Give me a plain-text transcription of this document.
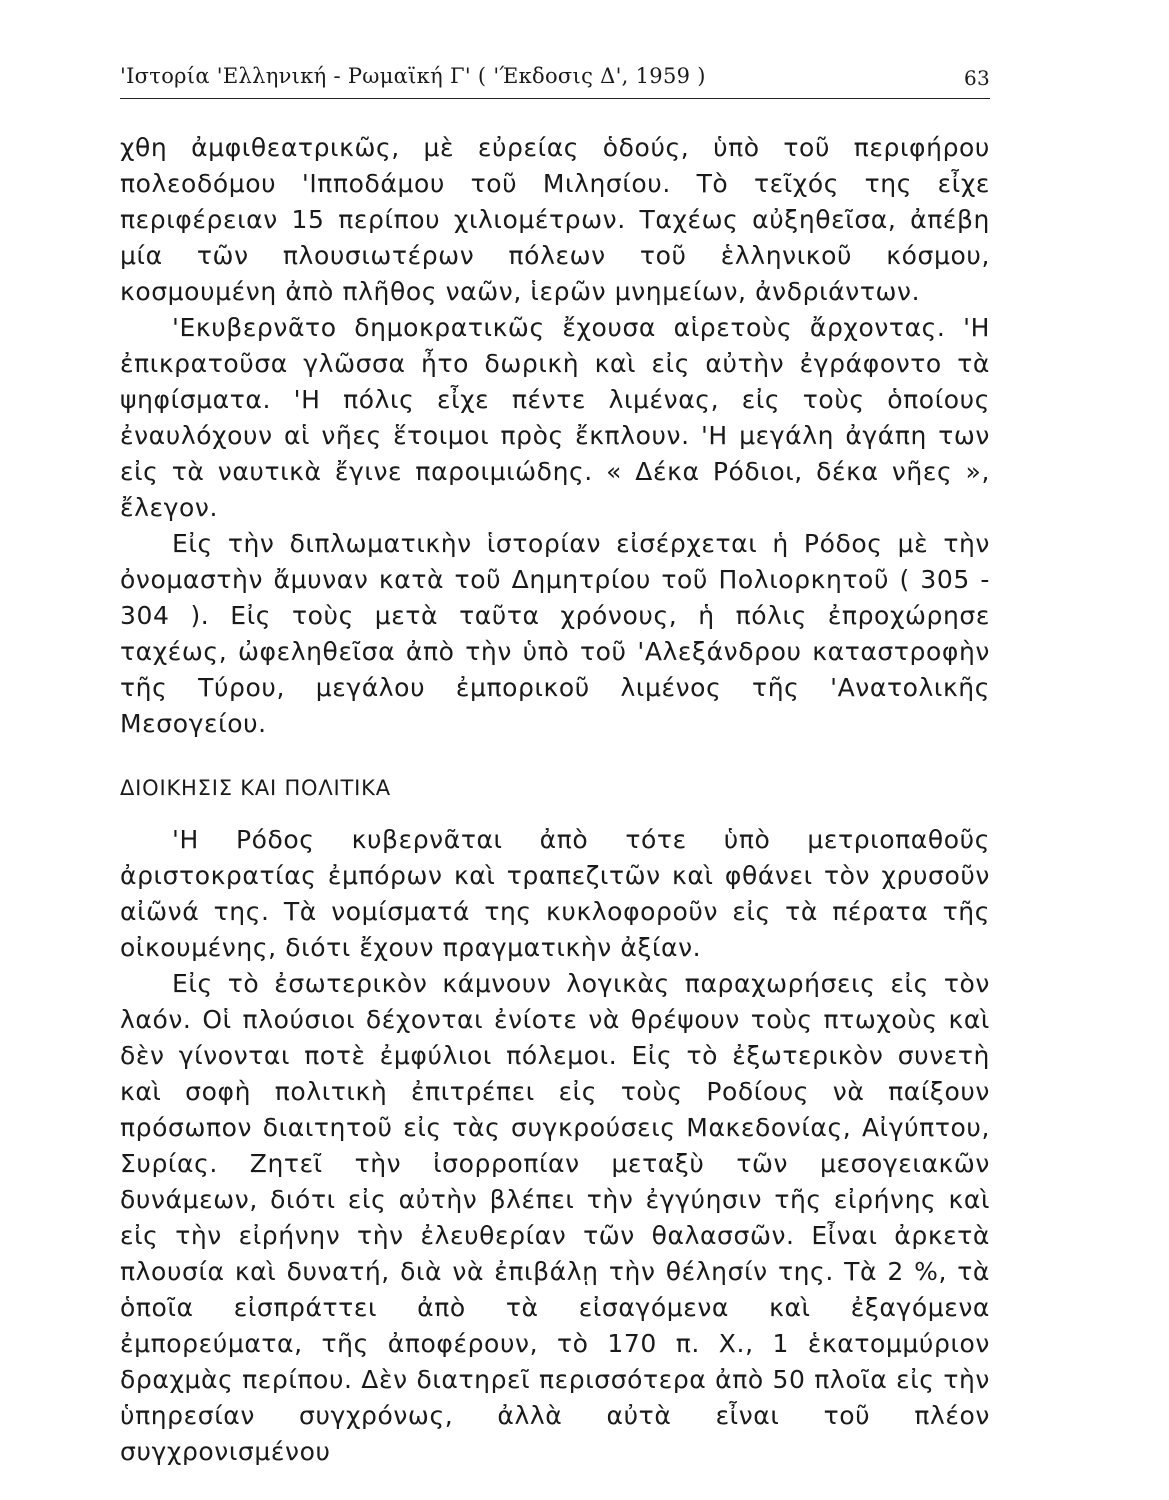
'Ιστορία 'Ελληνική - Ρωμαϊκή Γ' ( 'Έκδοσις Δ', 1959 )	63

χθη ἀμφιθεατρικῶς, μὲ εὐρείας ὁδούς, ὑπὸ τοῦ περιφήρου πολεοδόμου 'Ιπποδάμου τοῦ Μιλησίου. Τὸ τεῖχός της εἶχε περιφέρειαν 15 περίπου χιλιομέτρων. Ταχέως αὐξηθεῖσα, ἀπέβη μία τῶν πλουσιωτέρων πόλεων τοῦ ἑλληνικοῦ κόσμου, κοσμουμένη ἀπὸ πλῆθος ναῶν, ἱερῶν μνημείων, ἀνδριάντων.

'Εκυβερνᾶτο δημοκρατικῶς ἔχουσα αἱρετοὺς ἄρχοντας. 'Η ἐπικρατοῦσα γλῶσσα ἦτο δωρικὴ καὶ εἰς αὐτὴν ἐγράφοντο τὰ ψηφίσματα. 'Η πόλις εἶχε πέντε λιμένας, εἰς τοὺς ὁποίους ἐναυλόχουν αἱ νῆες ἕτοιμοι πρὸς ἔκπλουν. 'Η μεγάλη ἀγάπη των εἰς τὰ ναυτικὰ ἔγινε παροιμιώδης. « Δέκα Ρόδιοι, δέκα νῆες », ἔλεγον.

Εἰς τὴν διπλωματικὴν ἱστορίαν εἰσέρχεται ἡ Ρόδος μὲ τὴν ὀνομαστὴν ἄμυναν κατὰ τοῦ Δημητρίου τοῦ Πολιορκητοῦ ( 305 - 304 ). Εἰς τοὺς μετὰ ταῦτα χρόνους, ἡ πόλις ἐπροχώρησε ταχέως, ὠφεληθεῖσα ἀπὸ τὴν ὑπὸ τοῦ 'Αλεξάνδρου καταστροφὴν τῆς Τύρου, μεγάλου ἐμπορικοῦ λιμένος τῆς 'Ανατολικῆς Μεσογείου.

ΔΙΟΙΚΗΣΙΣ ΚΑΙ ΠΟΛΙΤΙΚΑ

'Η Ρόδος κυβερνᾶται ἀπὸ τότε ὑπὸ μετριοπαθοῦς ἀριστοκρατίας ἐμπόρων καὶ τραπεζιτῶν καὶ φθάνει τὸν χρυσοῦν αἰῶνά της. Τὰ νομίσματά της κυκλοφοροῦν εἰς τὰ πέρατα τῆς οἰκουμένης, διότι ἔχουν πραγματικὴν ἀξίαν.

Εἰς τὸ ἐσωτερικὸν κάμνουν λογικὰς παραχωρήσεις εἰς τὸν λαόν. Οἱ πλούσιοι δέχονται ἐνίοτε νὰ θρέψουν τοὺς πτωχοὺς καὶ δὲν γίνονται ποτὲ ἐμφύλιοι πόλεμοι. Εἰς τὸ ἐξωτερικὸν συνετὴ καὶ σοφὴ πολιτικὴ ἐπιτρέπει εἰς τοὺς Ροδίους νὰ παίξουν πρόσωπον διαιτητοῦ εἰς τὰς συγκρούσεις Μακεδονίας, Αἰγύπτου, Συρίας. Ζητεῖ τὴν ἰσορροπίαν μεταξὺ τῶν μεσογειακῶν δυνάμεων, διότι εἰς αὐτὴν βλέπει τὴν ἐγγύησιν τῆς εἰρήνης καὶ εἰς τὴν εἰρήνην τὴν ἐλευθερίαν τῶν θαλασσῶν. Εἶναι ἀρκετὰ πλουσία καὶ δυνατή, διὰ νὰ ἐπιβάλῃ τὴν θέλησίν της. Τὰ 2 %, τὰ ὁποῖα εἰσπράττει ἀπὸ τὰ εἰσαγόμενα καὶ ἐξαγόμενα ἐμπορεύματα, τῆς ἀποφέρουν, τὸ 170 π. Χ., 1 ἑκατομμύριον δραχμὰς περίπου. Δὲν διατηρεῖ περισσότερα ἀπὸ 50 πλοῖα εἰς τὴν ὑπηρεσίαν συγχρόνως, ἀλλὰ αὐτὰ εἶναι τοῦ πλέον συγχρονισμένου
